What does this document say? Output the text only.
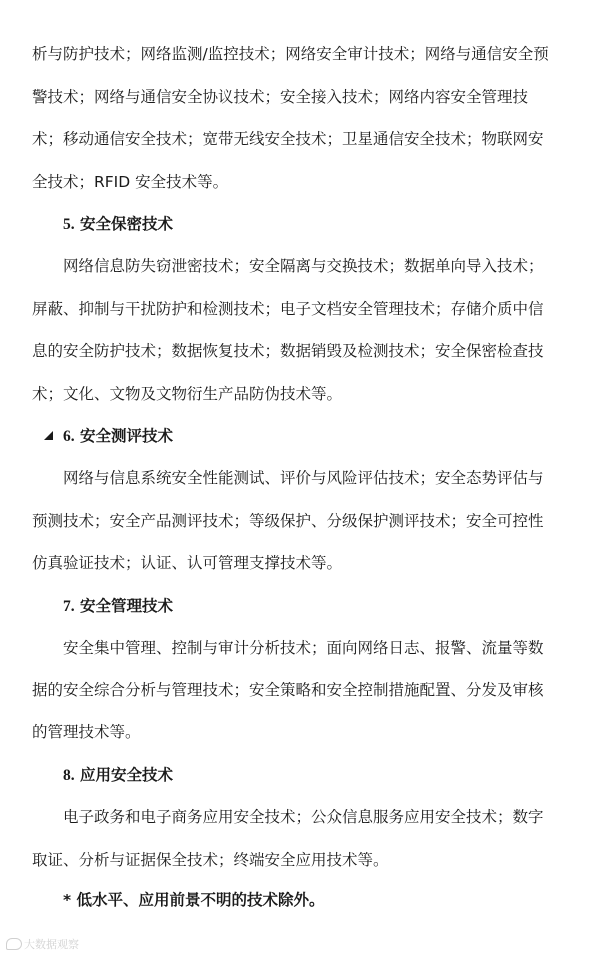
析与防护技术；网络监测/监控技术；网络安全审计技术；网络与通信安全预
警技术；网络与通信安全协议技术；安全接入技术；网络内容安全管理技
术；移动通信安全技术；宽带无线安全技术；卫星通信安全技术；物联网安
全技术；RFID 安全技术等。
5. 安全保密技术
网络信息防失窃泄密技术；安全隔离与交换技术；数据单向导入技术；
屏蔽、抑制与干扰防护和检测技术；电子文档安全管理技术；存储介质中信
息的安全防护技术；数据恢复技术；数据销毁及检测技术；安全保密检查技
术；文化、文物及文物衍生产品防伪技术等。
6. 安全测评技术
网络与信息系统安全性能测试、评价与风险评估技术；安全态势评估与
预测技术；安全产品测评技术；等级保护、分级保护测评技术；安全可控性
仿真验证技术；认证、认可管理支撑技术等。
7. 安全管理技术
安全集中管理、控制与审计分析技术；面向网络日志、报警、流量等数
据的安全综合分析与管理技术；安全策略和安全控制措施配置、分发及审核
的管理技术等。
8. 应用安全技术
电子政务和电子商务应用安全技术；公众信息服务应用安全技术；数字
取证、分析与证据保全技术；终端安全应用技术等。
* 低水平、应用前景不明的技术除外。
大数据观察
